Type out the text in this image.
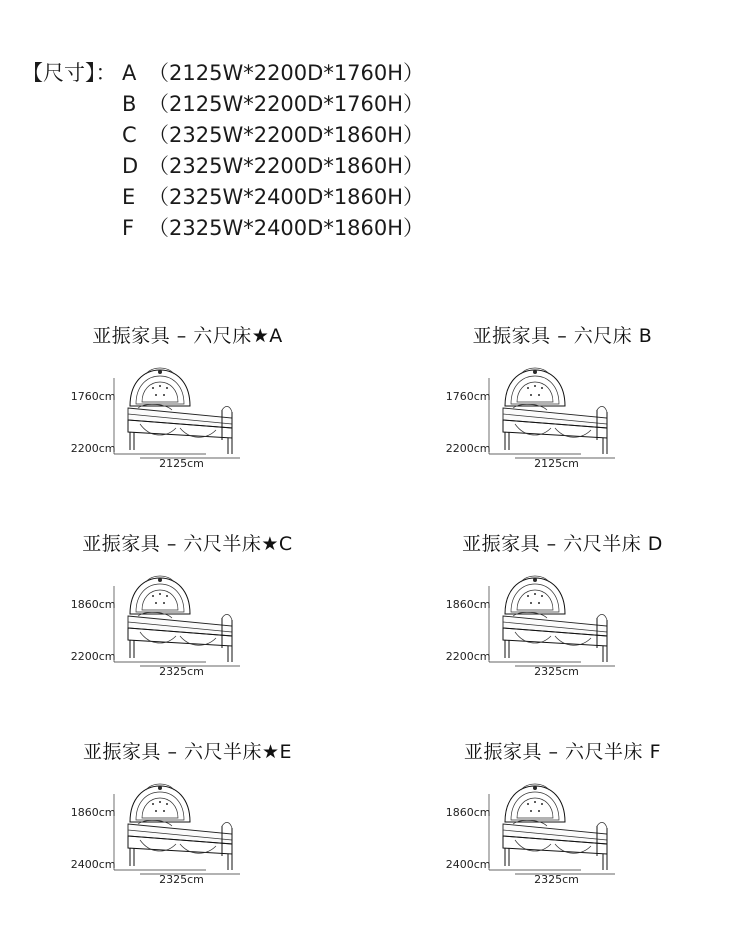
【尺寸】： A （2125W*2200D*1760H）
B （2125W*2200D*1760H）
C （2325W*2200D*1860H）
D （2325W*2200D*1860H）
E （2325W*2400D*1860H）
F （2325W*2400D*1860H）
亚振家具 – 六尺床★A
1760cm
2200cm
2125cm
亚振家具 – 六尺床 B
1760cm
2200cm
2125cm
亚振家具 – 六尺半床★C
1860cm
2200cm
2325cm
亚振家具 – 六尺半床 D
1860cm
2200cm
2325cm
亚振家具 – 六尺半床★E
1860cm
2400cm
2325cm
亚振家具 – 六尺半床 F
1860cm
2400cm
2325cm
